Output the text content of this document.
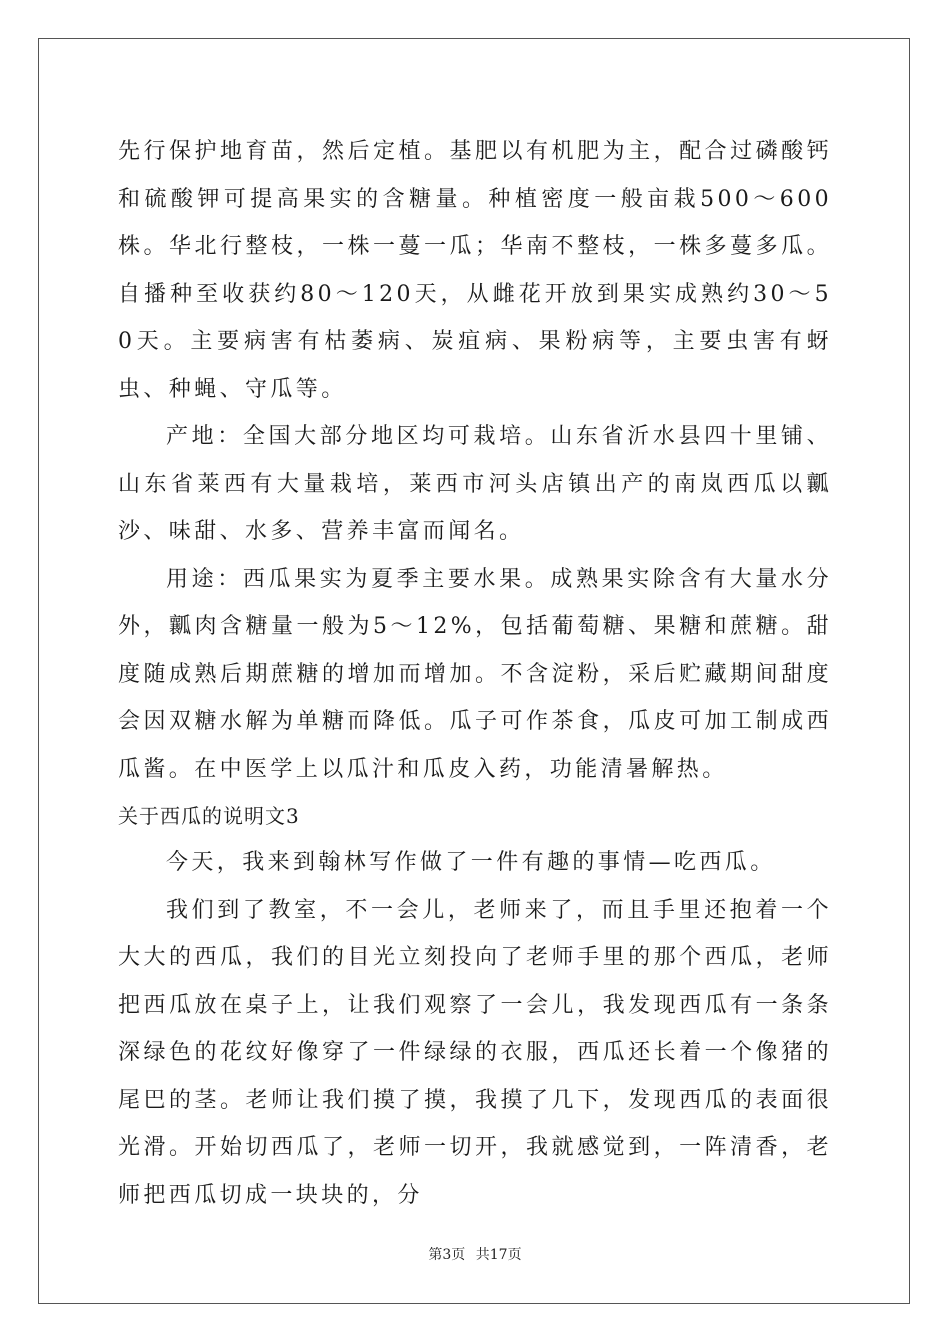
先行保护地育苗，然后定植。基肥以有机肥为主，配合过磷酸钙和硫酸钾可提高果实的含糖量。种植密度一般亩栽500～600株。华北行整枝，一株一蔓一瓜；华南不整枝，一株多蔓多瓜。自播种至收获约80～120天，从雌花开放到果实成熟约30～50天。主要病害有枯萎病、炭疽病、果粉病等，主要虫害有蚜虫、种蝇、守瓜等。

产地：全国大部分地区均可栽培。山东省沂水县四十里铺、山东省莱西有大量栽培，莱西市河头店镇出产的南岚西瓜以瓤沙、味甜、水多、营养丰富而闻名。

用途：西瓜果实为夏季主要水果。成熟果实除含有大量水分外，瓤肉含糖量一般为5～12%，包括葡萄糖、果糖和蔗糖。甜度随成熟后期蔗糖的增加而增加。不含淀粉，采后贮藏期间甜度会因双糖水解为单糖而降低。瓜子可作茶食，瓜皮可加工制成西瓜酱。在中医学上以瓜汁和瓜皮入药，功能清暑解热。

关于西瓜的说明文3

今天，我来到翰林写作做了一件有趣的事情—吃西瓜。

我们到了教室，不一会儿，老师来了，而且手里还抱着一个大大的西瓜，我们的目光立刻投向了老师手里的那个西瓜，老师把西瓜放在桌子上，让我们观察了一会儿，我发现西瓜有一条条深绿色的花纹好像穿了一件绿绿的衣服，西瓜还长着一个像猪的尾巴的茎。老师让我们摸了摸，我摸了几下，发现西瓜的表面很光滑。开始切西瓜了，老师一切开，我就感觉到，一阵清香，老师把西瓜切成一块块的，分

第3页 共17页
